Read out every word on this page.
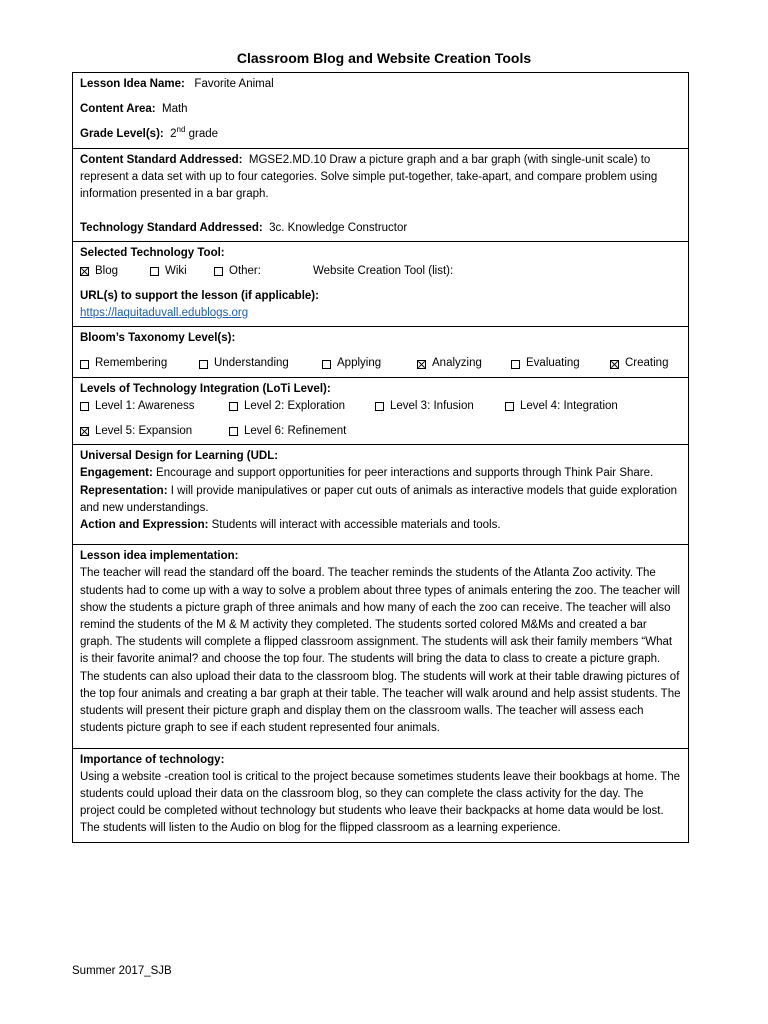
Classroom Blog and Website Creation Tools
Lesson Idea Name: Favorite Animal
Content Area: Math
Grade Level(s): 2nd grade

Content Standard Addressed: MGSE2.MD.10 Draw a picture graph and a bar graph (with single-unit scale) to represent a data set with up to four categories. Solve simple put-together, take-apart, and compare problem using information presented in a bar graph.
Technology Standard Addressed: 3c. Knowledge Constructor

Selected Technology Tool:
Blog	Wiki	Other:	Website Creation Tool (list):
URL(s) to support the lesson (if applicable):
https://laquitaduvall.edublogs.org

Bloom’s Taxonomy Level(s):
Remembering	Understanding	Applying	Analyzing	Evaluating	Creating

Levels of Technology Integration (LoTi Level):
Level 1: Awareness	Level 2: Exploration	Level 3: Infusion	Level 4: Integration
Level 5: Expansion	Level 6: Refinement

Universal Design for Learning (UDL:
Engagement: Encourage and support opportunities for peer interactions and supports through Think Pair Share.
Representation: I will provide manipulatives or paper cut outs of animals as interactive models that guide exploration and new understandings.
Action and Expression: Students will interact with accessible materials and tools.

Lesson idea implementation:
The teacher will read the standard off the board. The teacher reminds the students of the Atlanta Zoo activity. The students had to come up with a way to solve a problem about three types of animals entering the zoo. The teacher will show the students a picture graph of three animals and how many of each the zoo can receive. The teacher will also remind the students of the M & M activity they completed. The students sorted colored M&Ms and created a bar graph. The students will complete a flipped classroom assignment. The students will ask their family members “What is their favorite animal? and choose the top four. The students will bring the data to class to create a picture graph. The students can also upload their data to the classroom blog. The students will work at their table drawing pictures of the top four animals and creating a bar graph at their table. The teacher will walk around and help assist students. The students will present their picture graph and display them on the classroom walls. The teacher will assess each students picture graph to see if each student represented four animals.

Importance of technology:
Using a website -creation tool is critical to the project because sometimes students leave their bookbags at home. The students could upload their data on the classroom blog, so they can complete the class activity for the day. The project could be completed without technology but students who leave their backpacks at home data would be lost. The students will listen to the Audio on blog for the flipped classroom as a learning experience.
Summer 2017_SJB
